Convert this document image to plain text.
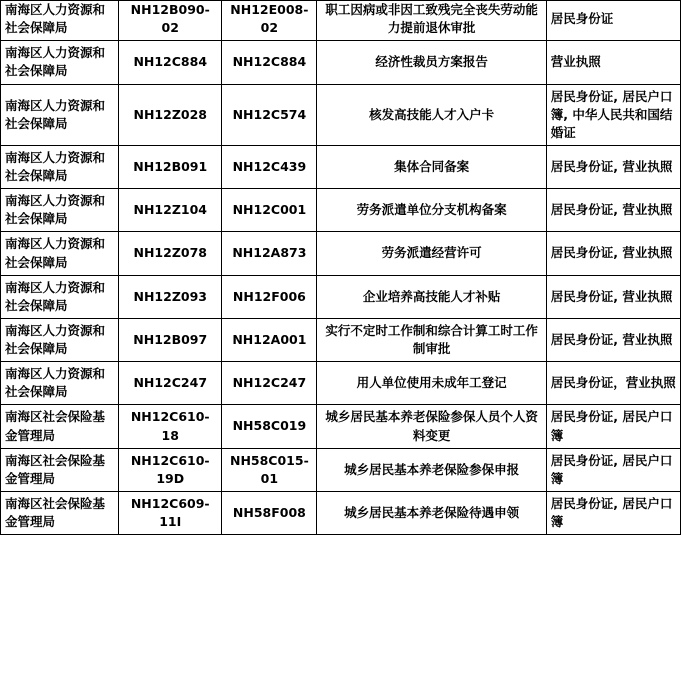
南海区人力资源和社会保障局	NH12B090-02	NH12E008-02	职工因病或非因工致残完全丧失劳动能力提前退休审批	居民身份证
南海区人力资源和社会保障局	NH12C884	NH12C884	经济性裁员方案报告	营业执照
南海区人力资源和社会保障局	NH12Z028	NH12C574	核发高技能人才入户卡	居民身份证, 居民户口簿, 中华人民共和国结婚证
南海区人力资源和社会保障局	NH12B091	NH12C439	集体合同备案	居民身份证, 营业执照
南海区人力资源和社会保障局	NH12Z104	NH12C001	劳务派遣单位分支机构备案	居民身份证, 营业执照
南海区人力资源和社会保障局	NH12Z078	NH12A873	劳务派遣经营许可	居民身份证, 营业执照
南海区人力资源和社会保障局	NH12Z093	NH12F006	企业培养高技能人才补贴	居民身份证, 营业执照
南海区人力资源和社会保障局	NH12B097	NH12A001	实行不定时工作制和综合计算工时工作制审批	居民身份证, 营业执照
南海区人力资源和社会保障局	NH12C247	NH12C247	用人单位使用未成年工登记	居民身份证，营业执照
南海区社会保险基金管理局	NH12C610-18	NH58C019	城乡居民基本养老保险参保人员个人资料变更	居民身份证, 居民户口簿
南海区社会保险基金管理局	NH12C610-19D	NH58C015-01	城乡居民基本养老保险参保申报	居民身份证, 居民户口簿
南海区社会保险基金管理局	NH12C609-11I	NH58F008	城乡居民基本养老保险待遇申领	居民身份证, 居民户口簿
